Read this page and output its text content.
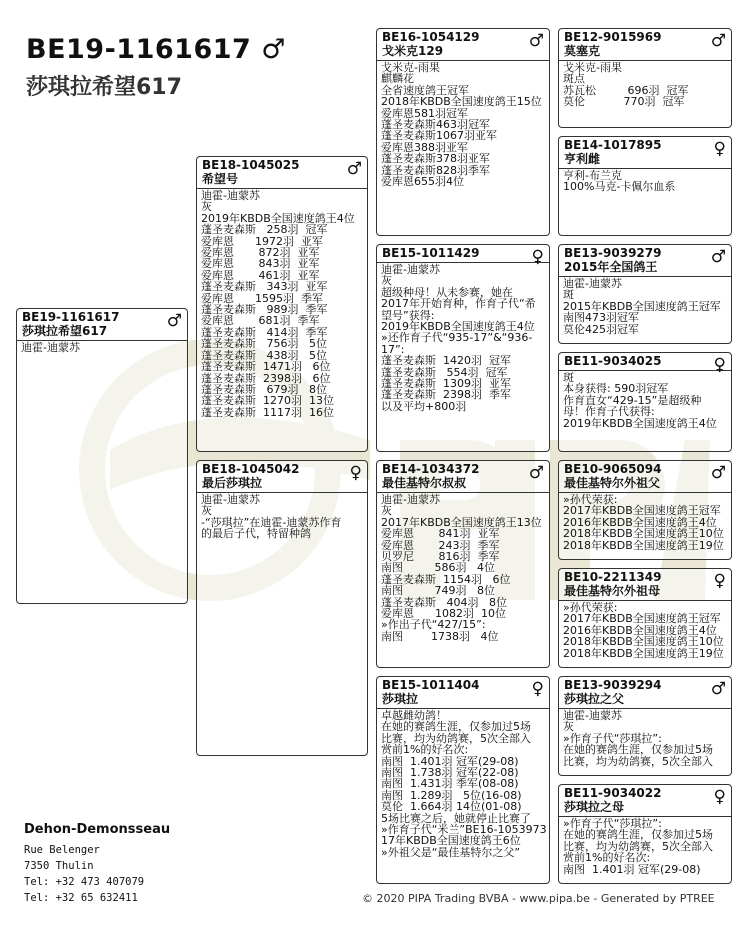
BE19-1161617 ♂
莎琪拉希望617
BE19-1161617
莎琪拉希望617	♂
迪霍-迪蒙苏
BE18-1045025
希望号	♂
迪霍-迪蒙苏
灰
2019年KBDB全国速度鸽王4位
蓬圣麦森斯   258羽  冠军
爱库恩      1972羽  亚军
爱库恩       872羽  亚军
爱库恩       843羽  亚军
爱库恩       461羽  亚军
蓬圣麦森斯   343羽  亚军
爱库恩      1595羽  季军
蓬圣麦森斯   989羽  季军
爱库恩       681羽  季军
蓬圣麦森斯   414羽  季军
蓬圣麦森斯   756羽   5位
蓬圣麦森斯   438羽   5位
蓬圣麦森斯  1471羽   6位
蓬圣麦森斯  2398羽   6位
蓬圣麦森斯   679羽   8位
蓬圣麦森斯  1270羽  13位
蓬圣麦森斯  1117羽  16位
BE18-1045042
最后莎琪拉	♀
迪霍-迪蒙苏
灰
-“莎琪拉”在迪霍-迪蒙苏作育
的最后子代，特留种鸽
BE16-1054129
戈米克129	♂
戈米克-雨果
麒麟花
全省速度鸽王冠军
2018年KBDB全国速度鸽王15位
爱库恩581羽冠军
蓬圣麦森斯463羽冠军
蓬圣麦森斯1067羽亚军
爱库恩388羽亚军
蓬圣麦森斯378羽亚军
蓬圣麦森斯828羽季军
爱库恩655羽4位
BE15-1011429	♀
迪霍-迪蒙苏
灰
超级种母！从未参赛，她在
2017年开始育种，作育子代“希
望号”获得:
2019年KBDB全国速度鸽王4位
»还作育子代“935-17”&“936-
17”:
蓬圣麦森斯  1420羽  冠军
蓬圣麦森斯   554羽  冠军
蓬圣麦森斯  1309羽  亚军
蓬圣麦森斯  2398羽  季军
以及平均+800羽
BE14-1034372
最佳基特尔叔叔	♂
迪霍-迪蒙苏
灰
2017年KBDB全国速度鸽王13位
爱库恩       841羽  亚军
爱库恩       243羽  季军
贝罗尼       816羽  季军
南图         586羽   4位
蓬圣麦森斯  1154羽   6位
南图         749羽   8位
蓬圣麦森斯   404羽   8位
爱库恩      1082羽  10位
»作出子代“427/15”:
南图        1738羽   4位
BE15-1011404
莎琪拉	♀
卓越雌幼鸽！
在她的赛鸽生涯，仅参加过5场
比赛，均为幼鸽赛，5次全部入
赏前1%的好名次:
南图  1.401羽 冠军(29-08)
南图  1.738羽 冠军(22-08)
南图  1.431羽 季军(08-08)
南图  1.289羽   5位(16-08)
莫伦  1.664羽 14位(01-08)
5场比赛之后，她就停止比赛了
»作育子代“米兰”BE16-1053973
17年KBDB全国速度鸽王6位
»外祖父是“最佳基特尔之父”
BE12-9015969
莫塞克	♂
戈米克-雨果
斑点
苏瓦松         696羽  冠军
莫伦           770羽  冠军
BE14-1017895
亨利雌	♀
亨利-布兰克
100%马克-卡佩尔血系
BE13-9039279
2015年全国鸽王	♂
迪霍-迪蒙苏
斑
2015年KBDB全国速度鸽王冠军
南图473羽冠军
莫伦425羽冠军
BE11-9034025	♀
斑
本身获得: 590羽冠军
作育直女“429-15”是超级种
母！作育子代获得:
2019年KBDB全国速度鸽王4位
BE10-9065094
最佳基特尔外祖父	♂
»孙代荣获:
2017年KBDB全国速度鸽王冠军
2016年KBDB全国速度鸽王4位
2018年KBDB全国速度鸽王10位
2018年KBDB全国速度鸽王19位
BE10-2211349
最佳基特尔外祖母	♀
»孙代荣获:
2017年KBDB全国速度鸽王冠军
2016年KBDB全国速度鸽王4位
2018年KBDB全国速度鸽王10位
2018年KBDB全国速度鸽王19位
BE13-9039294
莎琪拉之父	♂
迪霍-迪蒙苏
灰
»作育子代“莎琪拉”:
在她的赛鸽生涯，仅参加过5场
比赛，均为幼鸽赛，5次全部入
BE11-9034022
莎琪拉之母	♀
»作育子代“莎琪拉”:
在她的赛鸽生涯，仅参加过5场
比赛，均为幼鸽赛，5次全部入
赏前1%的好名次:
南图  1.401羽 冠军(29-08)
Dehon-Demonsseau
Rue Belenger
7350 Thulin
Tel: +32 473 407079
Tel: +32 65 632411	© 2020 PIPA Trading BVBA - www.pipa.be - Generated by PTREE
